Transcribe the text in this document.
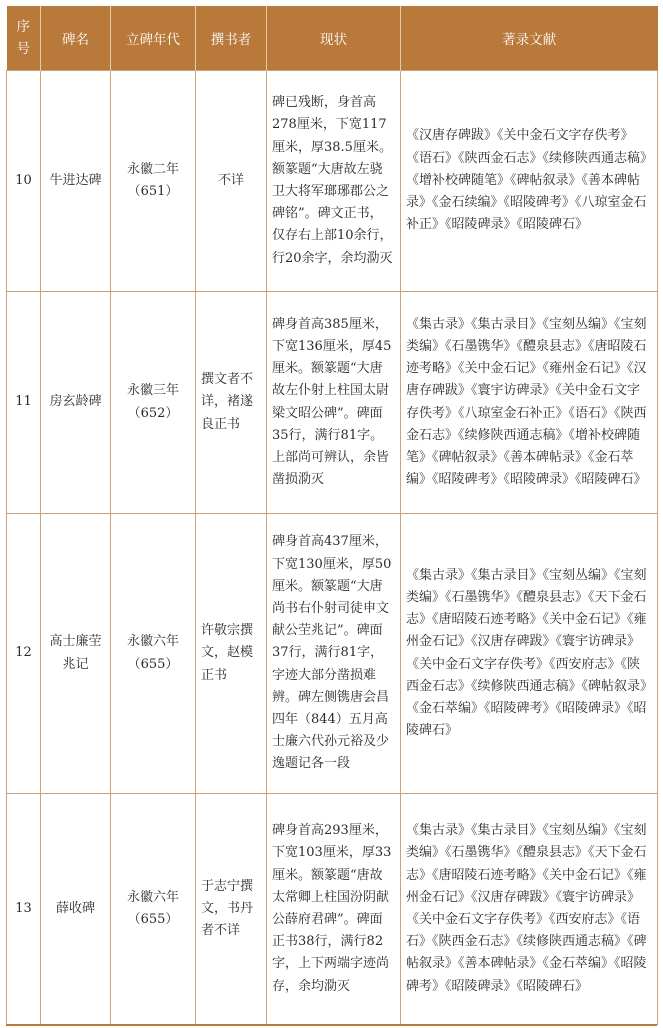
序号	碑名	立碑年代	撰书者	现状	著录文献
10	牛进达碑	永徽二年（651）	不详	碑已残断，身首高278厘米，下宽117厘米，厚38.5厘米。额篆题“大唐故左骁卫大将军瑯琊郡公之碑铭”。碑文正书，仅存右上部10余行，行20余字，余均泐灭	《汉唐存碑跋》《关中金石文字存佚考》《语石》《陕西金石志》《续修陕西通志稿》《增补校碑随笔》《碑帖叙录》《善本碑帖录》《金石续编》《昭陵碑考》《八琼室金石补正》《昭陵碑录》《昭陵碑石》
11	房玄龄碑	永徽三年（652）	撰文者不详，褚遂良正书	碑身首高385厘米，下宽136厘米，厚45厘米。额篆题“大唐故左仆射上柱国太尉梁文昭公碑”。碑面35行，满行81字。上部尚可辨认，余皆凿损泐灭	《集古录》《集古录目》《宝刻丛编》《宝刻类编》《石墨镌华》《醴泉县志》《唐昭陵石迹考略》《关中金石记》《雍州金石记》《汉唐存碑跋》《寰宇访碑录》《关中金石文字存佚考》《八琼室金石补正》《语石》《陕西金石志》《续修陕西通志稿》《增补校碑随笔》《碑帖叙录》《善本碑帖录》《金石萃编》《昭陵碑考》《昭陵碑录》《昭陵碑石》
12	高士廉茔兆记	永徽六年（655）	许敬宗撰文，赵模正书	碑身首高437厘米，下宽130厘米，厚50厘米。额篆题“大唐尚书右仆射司徒申文献公茔兆记”。碑面37行，满行81字，字迹大部分凿损难辨。碑左侧镌唐会昌四年（844）五月高士廉六代孙元裕及少逸题记各一段	《集古录》《集古录目》《宝刻丛编》《宝刻类编》《石墨镌华》《醴泉县志》《天下金石志》《唐昭陵石迹考略》《关中金石记》《雍州金石记》《汉唐存碑跋》《寰宇访碑录》《关中金石文字存佚考》《西安府志》《陕西金石志》《续修陕西通志稿》《碑帖叙录》《金石萃编》《昭陵碑考》《昭陵碑录》《昭陵碑石》
13	薛收碑	永徽六年（655）	于志宁撰文，书丹者不详	碑身首高293厘米，下宽103厘米，厚33厘米。额篆题“唐故太常卿上柱国汾阴献公薛府君碑”。碑面正书38行，满行82字，上下两端字迹尚存，余均泐灭	《集古录》《集古录目》《宝刻丛编》《宝刻类编》《石墨镌华》《醴泉县志》《天下金石志》《唐昭陵石迹考略》《关中金石记》《雍州金石记》《汉唐存碑跋》《寰宇访碑录》《关中金石文字存佚考》《西安府志》《语石》《陕西金石志》《续修陕西通志稿》《碑帖叙录》《善本碑帖录》《金石萃编》《昭陵碑考》《昭陵碑录》《昭陵碑石》
